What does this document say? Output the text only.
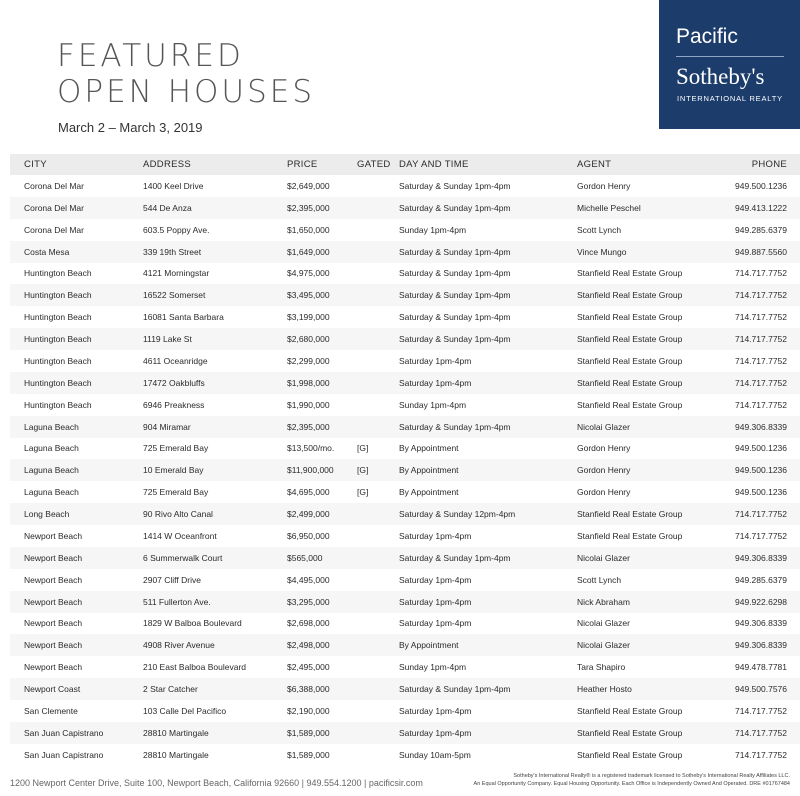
FEATURED
OPEN HOUSES
March 2 – March 3, 2019
Pacific
Sotheby's
INTERNATIONAL REALTY
CITY	ADDRESS	PRICE	GATED	DAY AND TIME	AGENT	PHONE
Corona Del Mar	1400 Keel Drive	$2,649,000		Saturday & Sunday 1pm-4pm	Gordon Henry	949.500.1236
Corona Del Mar	544 De Anza	$2,395,000		Saturday & Sunday 1pm-4pm	Michelle Peschel	949.413.1222
Corona Del Mar	603.5 Poppy Ave.	$1,650,000		Sunday 1pm-4pm	Scott Lynch	949.285.6379
Costa Mesa	339 19th Street	$1,649,000		Saturday & Sunday 1pm-4pm	Vince Mungo	949.887.5560
Huntington Beach	4121 Morningstar	$4,975,000		Saturday & Sunday 1pm-4pm	Stanfield Real Estate Group	714.717.7752
Huntington Beach	16522 Somerset	$3,495,000		Saturday & Sunday 1pm-4pm	Stanfield Real Estate Group	714.717.7752
Huntington Beach	16081 Santa Barbara	$3,199,000		Saturday & Sunday 1pm-4pm	Stanfield Real Estate Group	714.717.7752
Huntington Beach	1119 Lake St	$2,680,000		Saturday & Sunday 1pm-4pm	Stanfield Real Estate Group	714.717.7752
Huntington Beach	4611 Oceanridge	$2,299,000		Saturday 1pm-4pm	Stanfield Real Estate Group	714.717.7752
Huntington Beach	17472 Oakbluffs	$1,998,000		Saturday 1pm-4pm	Stanfield Real Estate Group	714.717.7752
Huntington Beach	6946 Preakness	$1,990,000		Sunday 1pm-4pm	Stanfield Real Estate Group	714.717.7752
Laguna Beach	904 Miramar	$2,395,000		Saturday & Sunday 1pm-4pm	Nicolai Glazer	949.306.8339
Laguna Beach	725 Emerald Bay	$13,500/mo.	[G]	By Appointment	Gordon Henry	949.500.1236
Laguna Beach	10 Emerald Bay	$11,900,000	[G]	By Appointment	Gordon Henry	949.500.1236
Laguna Beach	725 Emerald Bay	$4,695,000	[G]	By Appointment	Gordon Henry	949.500.1236
Long Beach	90 Rivo Alto Canal	$2,499,000		Saturday & Sunday 12pm-4pm	Stanfield Real Estate Group	714.717.7752
Newport Beach	1414 W Oceanfront	$6,950,000		Saturday 1pm-4pm	Stanfield Real Estate Group	714.717.7752
Newport Beach	6 Summerwalk Court	$565,000		Saturday & Sunday 1pm-4pm	Nicolai Glazer	949.306.8339
Newport Beach	2907 Cliff Drive	$4,495,000		Saturday 1pm-4pm	Scott Lynch	949.285.6379
Newport Beach	511 Fullerton Ave.	$3,295,000		Saturday 1pm-4pm	Nick Abraham	949.922.6298
Newport Beach	1829 W Balboa Boulevard	$2,698,000		Saturday 1pm-4pm	Nicolai Glazer	949.306.8339
Newport Beach	4908 River Avenue	$2,498,000		By Appointment	Nicolai Glazer	949.306.8339
Newport Beach	210 East Balboa Boulevard	$2,495,000		Sunday 1pm-4pm	Tara Shapiro	949.478.7781
Newport Coast	2 Star Catcher	$6,388,000		Saturday & Sunday 1pm-4pm	Heather Hosto	949.500.7576
San Clemente	103 Calle Del Pacifico	$2,190,000		Saturday 1pm-4pm	Stanfield Real Estate Group	714.717.7752
San Juan Capistrano	28810 Martingale	$1,589,000		Saturday 1pm-4pm	Stanfield Real Estate Group	714.717.7752
San Juan Capistrano	28810 Martingale	$1,589,000		Sunday 10am-5pm	Stanfield Real Estate Group	714.717.7752
1200 Newport Center Drive, Suite 100, Newport Beach, California 92660 | 949.554.1200 | pacificsir.com
Sotheby's International Realty® is a registered trademark licensed to Sotheby's International Realty Affiliates LLC.
An Equal Opportunity Company. Equal Housing Opportunity. Each Office is Independently Owned And Operated. DRE #01767484
